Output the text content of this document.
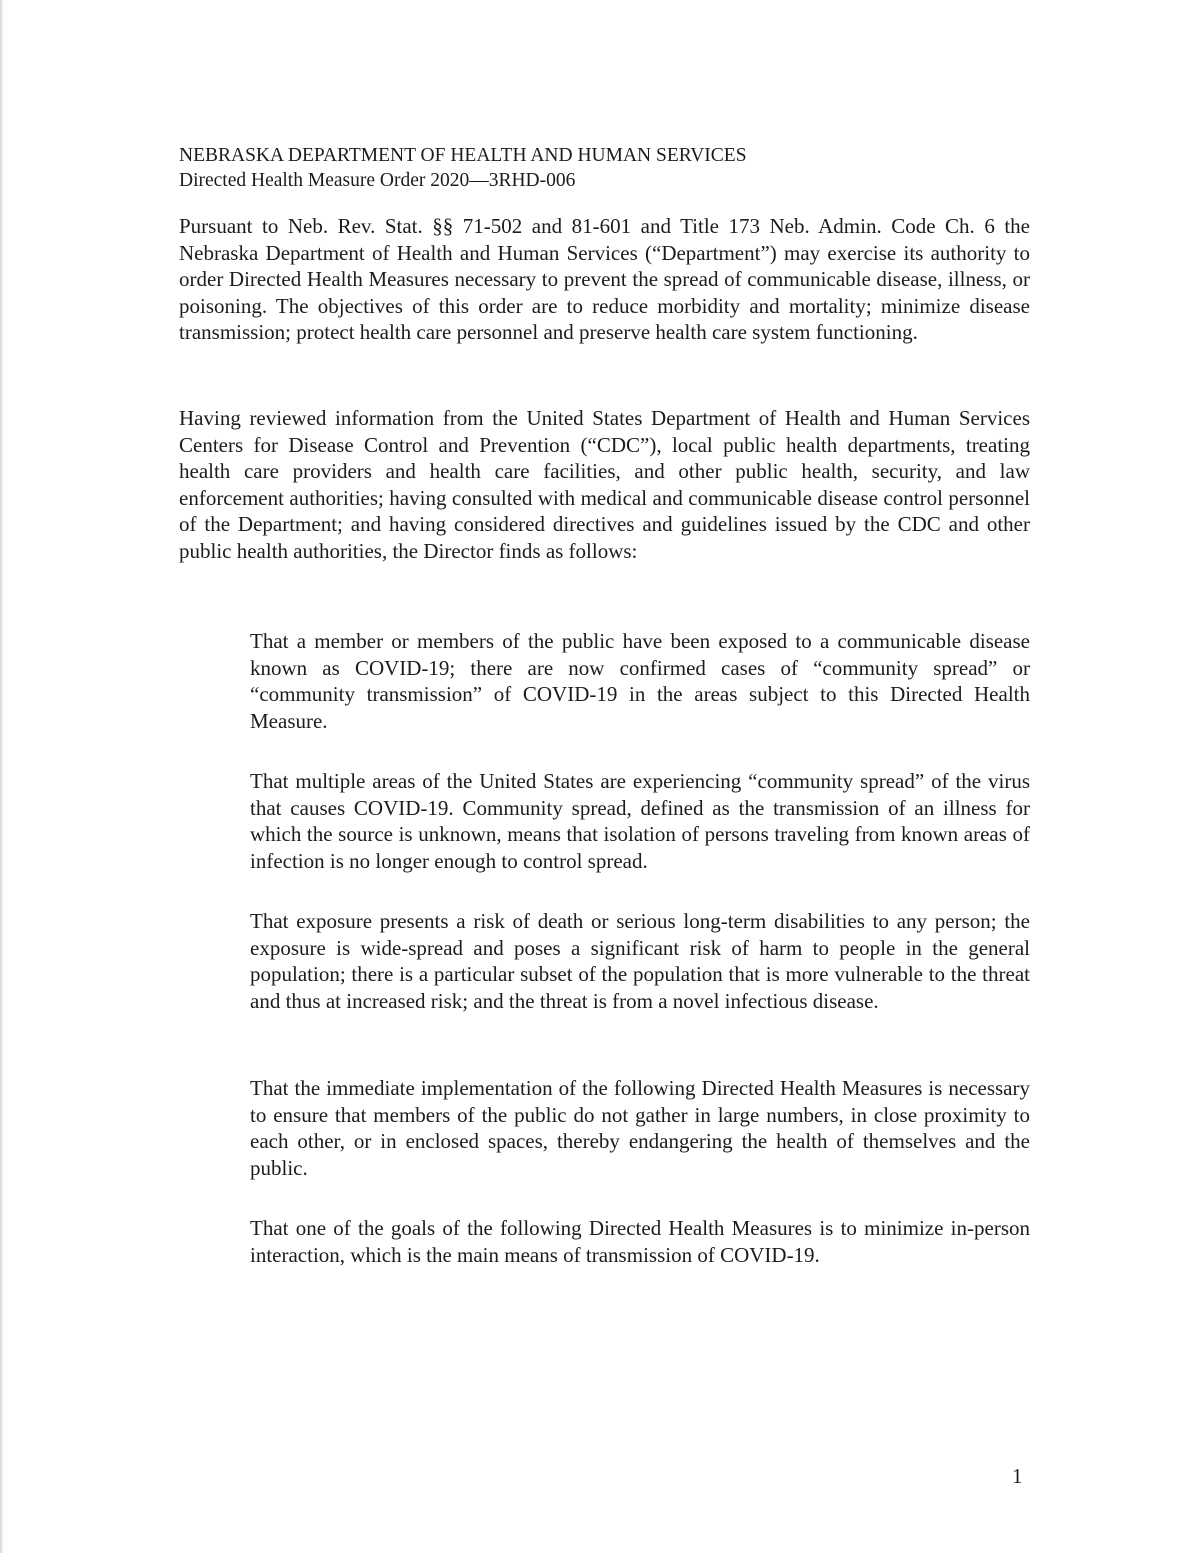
NEBRASKA DEPARTMENT OF HEALTH AND HUMAN SERVICES
Directed Health Measure Order 2020—3RHD-006

Pursuant to Neb. Rev. Stat. §§ 71-502 and 81-601 and Title 173 Neb. Admin. Code Ch. 6 the Nebraska Department of Health and Human Services (“Department”) may exercise its authority to order Directed Health Measures necessary to prevent the spread of communicable disease, illness, or poisoning. The objectives of this order are to reduce morbidity and mortality; minimize disease transmission; protect health care personnel and preserve health care system functioning.

Having reviewed information from the United States Department of Health and Human Services Centers for Disease Control and Prevention (“CDC”), local public health departments, treating health care providers and health care facilities, and other public health, security, and law enforcement authorities; having consulted with medical and communicable disease control personnel of the Department; and having considered directives and guidelines issued by the CDC and other public health authorities, the Director finds as follows:

That a member or members of the public have been exposed to a communicable disease known as COVID-19; there are now confirmed cases of “community spread” or “community transmission” of COVID-19 in the areas subject to this Directed Health Measure.

That multiple areas of the United States are experiencing “community spread” of the virus that causes COVID-19. Community spread, defined as the transmission of an illness for which the source is unknown, means that isolation of persons traveling from known areas of infection is no longer enough to control spread.

That exposure presents a risk of death or serious long-term disabilities to any person; the exposure is wide-spread and poses a significant risk of harm to people in the general population; there is a particular subset of the population that is more vulnerable to the threat and thus at increased risk; and the threat is from a novel infectious disease.

That the immediate implementation of the following Directed Health Measures is necessary to ensure that members of the public do not gather in large numbers, in close proximity to each other, or in enclosed spaces, thereby endangering the health of themselves and the public.

That one of the goals of the following Directed Health Measures is to minimize in-person interaction, which is the main means of transmission of COVID-19.

1
